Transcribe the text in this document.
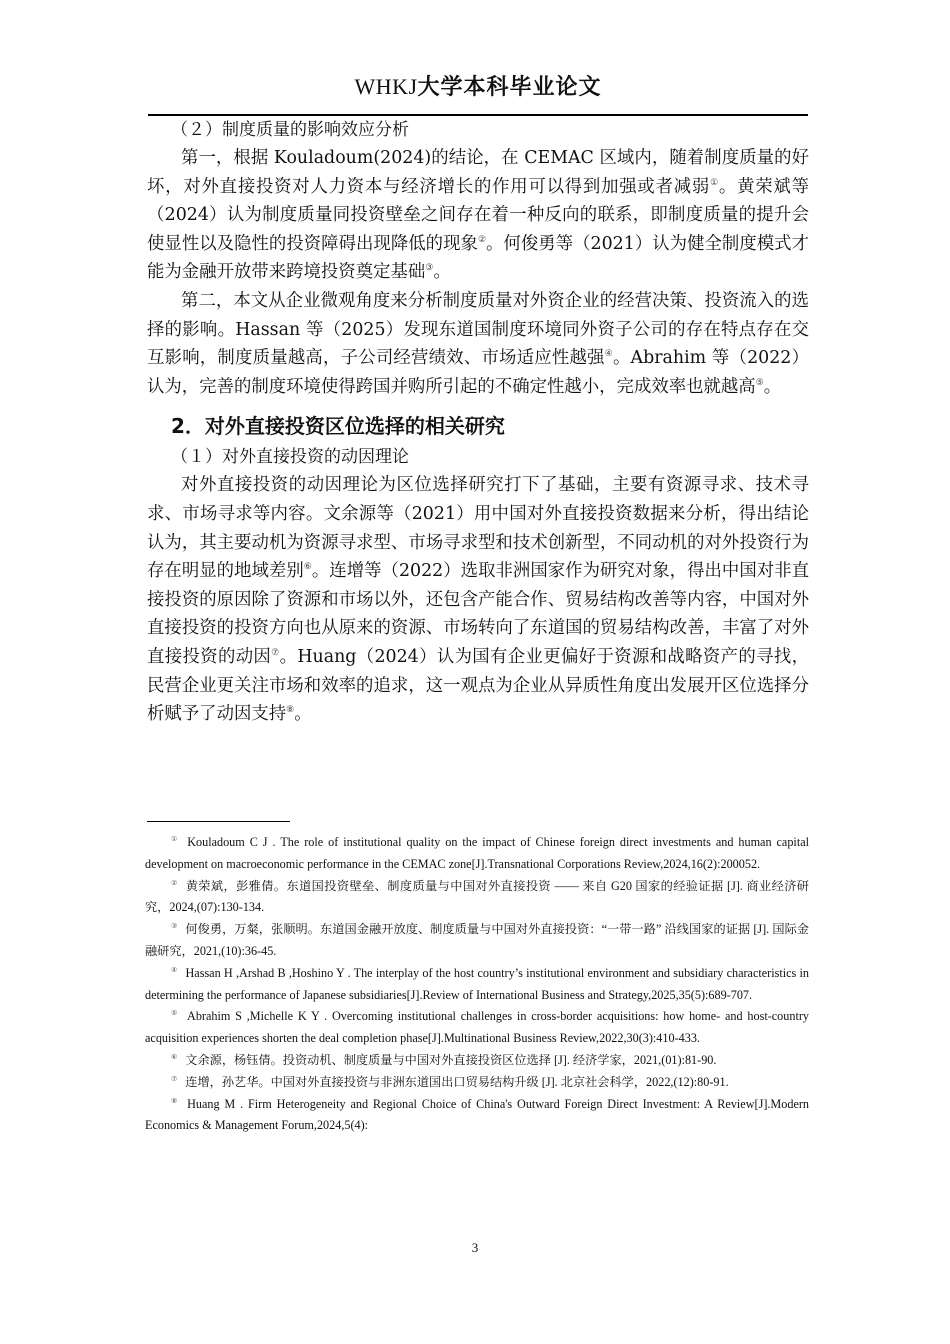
WHKJ大学本科毕业论文
（２）制度质量的影响效应分析

第一，根据 Kouladoum(2024)的结论，在 CEMAC 区域内，随着制度质量的好坏，对外直接投资对人力资本与经济增长的作用可以得到加强或者减弱①。黄荣斌等（2024）认为制度质量同投资壁垒之间存在着一种反向的联系，即制度质量的提升会使显性以及隐性的投资障碍出现降低的现象②。何俊勇等（2021）认为健全制度模式才能为金融开放带来跨境投资奠定基础③。

第二，本文从企业微观角度来分析制度质量对外资企业的经营决策、投资流入的选择的影响。Hassan 等（2025）发现东道国制度环境同外资子公司的存在特点存在交互影响，制度质量越高，子公司经营绩效、市场适应性越强④。Abrahim 等（2022）认为，完善的制度环境使得跨国并购所引起的不确定性越小，完成效率也就越高⑤。

2．对外直接投资区位选择的相关研究
（１）对外直接投资的动因理论

对外直接投资的动因理论为区位选择研究打下了基础，主要有资源寻求、技术寻求、市场寻求等内容。文余源等（2021）用中国对外直接投资数据来分析，得出结论认为，其主要动机为资源寻求型、市场寻求型和技术创新型，不同动机的对外投资行为存在明显的地域差别⑥。连增等（2022）选取非洲国家作为研究对象，得出中国对非直接投资的原因除了资源和市场以外，还包含产能合作、贸易结构改善等内容，中国对外直接投资的投资方向也从原来的资源、市场转向了东道国的贸易结构改善，丰富了对外直接投资的动因⑦。Huang（2024）认为国有企业更偏好于资源和战略资产的寻找，民营企业更关注市场和效率的追求，这一观点为企业从异质性角度出发展开区位选择分析赋予了动因支持⑧。

① Kouladoum C J . The role of institutional quality on the impact of Chinese foreign direct investments and human capital development on macroeconomic performance in the CEMAC zone[J].Transnational Corporations Review,2024,16(2):200052.

② 黄荣斌，彭雅倩。东道国投资壁垒、制度质量与中国对外直接投资 —— 来自 G20 国家的经验证据 [J]. 商业经济研究，2024,(07):130-134.

③ 何俊勇，万粲，张顺明。东道国金融开放度、制度质量与中国对外直接投资：“一带一路” 沿线国家的证据 [J]. 国际金融研究，2021,(10):36-45.

④ Hassan H ,Arshad B ,Hoshino Y . The interplay of the host country’s institutional environment and subsidiary characteristics in determining the performance of Japanese subsidiaries[J].Review of International Business and Strategy,2025,35(5):689-707.

⑤ Abrahim S ,Michelle K Y . Overcoming institutional challenges in cross-border acquisitions: how home- and host-country acquisition experiences shorten the deal completion phase[J].Multinational Business Review,2022,30(3):410-433.

⑥ 文余源，杨钰倩。投资动机、制度质量与中国对外直接投资区位选择 [J]. 经济学家，2021,(01):81-90.

⑦ 连增，孙艺华。中国对外直接投资与非洲东道国出口贸易结构升级 [J]. 北京社会科学，2022,(12):80-91.

⑧ Huang M . Firm Heterogeneity and Regional Choice of China's Outward Foreign Direct Investment: A Review[J].Modern Economics & Management Forum,2024,5(4):

3
